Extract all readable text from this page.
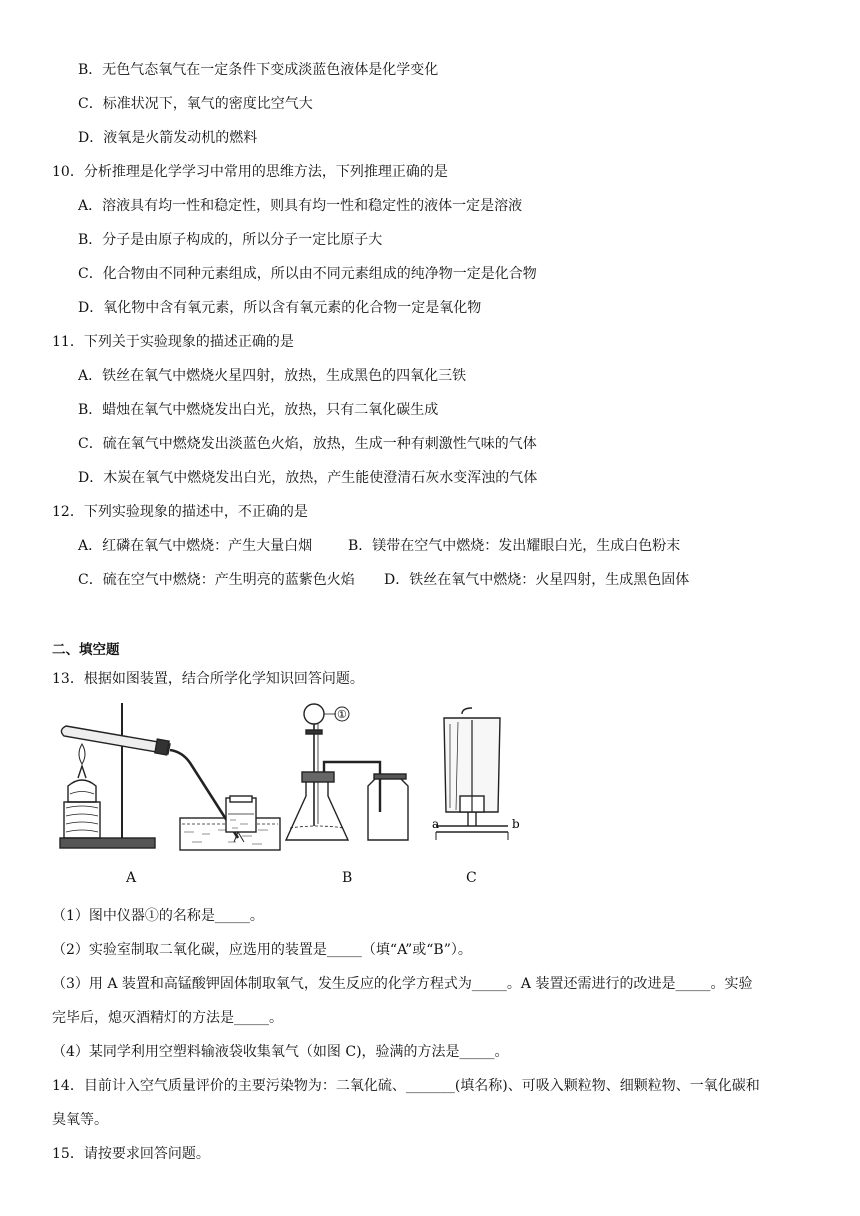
B．无色气态氧气在一定条件下变成淡蓝色液体是化学变化
C．标准状况下，氧气的密度比空气大
D．液氧是火箭发动机的燃料
10．分析推理是化学学习中常用的思维方法，下列推理正确的是
A．溶液具有均一性和稳定性，则具有均一性和稳定性的液体一定是溶液
B．分子是由原子构成的，所以分子一定比原子大
C．化合物由不同种元素组成，所以由不同元素组成的纯净物一定是化合物
D．氧化物中含有氧元素，所以含有氧元素的化合物一定是氧化物
11．下列关于实验现象的描述正确的是
A．铁丝在氧气中燃烧火星四射，放热，生成黑色的四氧化三铁
B．蜡烛在氧气中燃烧发出白光，放热，只有二氧化碳生成
C．硫在氧气中燃烧发出淡蓝色火焰，放热，生成一种有刺激性气味的气体
D．木炭在氧气中燃烧发出白光，放热，产生能使澄清石灰水变浑浊的气体
12．下列实验现象的描述中，不正确的是
A．红磷在氧气中燃烧：产生大量白烟	B．镁带在空气中燃烧：发出耀眼白光，生成白色粉末
C．硫在空气中燃烧：产生明亮的蓝紫色火焰 D．铁丝在氧气中燃烧：火星四射，生成黑色固体
二、填空题
13．根据如图装置，结合所学化学知识回答问题。
①
a	b
A	B	C
（1）图中仪器①的名称是_____。
（2）实验室制取二氧化碳，应选用的装置是_____（填“A”或“B”）。
（3）用 A 装置和高锰酸钾固体制取氧气，发生反应的化学方程式为_____。A 装置还需进行的改进是_____。实验
完毕后，熄灭酒精灯的方法是_____。
（4）某同学利用空塑料输液袋收集氧气（如图 C)，验满的方法是_____。
14．目前计入空气质量评价的主要污染物为：二氧化硫、_______(填名称)、可吸入颗粒物、细颗粒物、一氧化碳和
臭氧等。
15．请按要求回答问题。
